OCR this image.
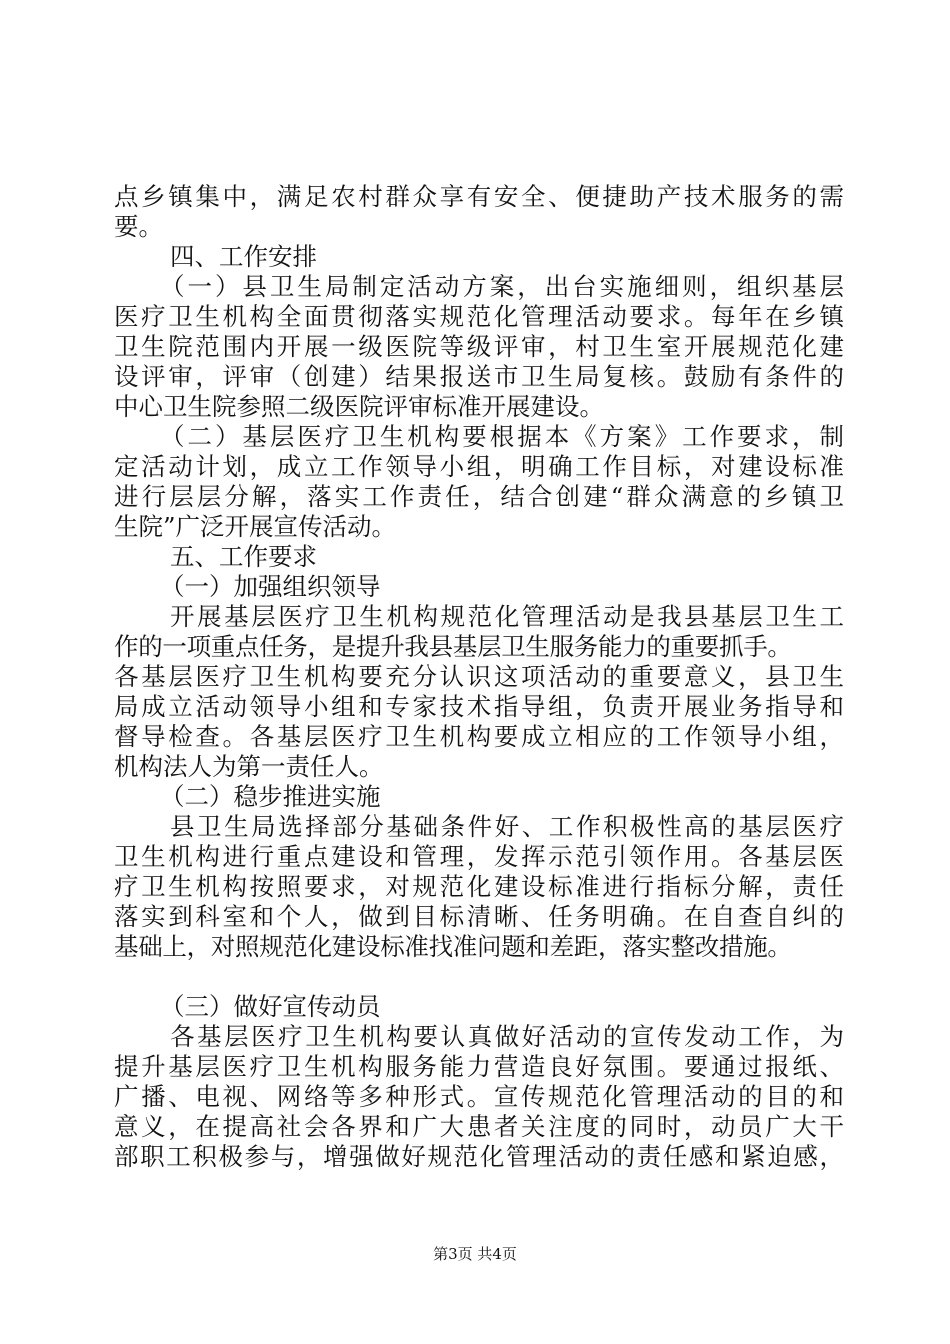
点乡镇集中，满足农村群众享有安全、便捷助产技术服务的需
要。
四、工作安排
（一）县卫生局制定活动方案，出台实施细则，组织基层
医疗卫生机构全面贯彻落实规范化管理活动要求。每年在乡镇
卫生院范围内开展一级医院等级评审，村卫生室开展规范化建
设评审，评审（创建）结果报送市卫生局复核。鼓励有条件的
中心卫生院参照二级医院评审标准开展建设。
（二）基层医疗卫生机构要根据本《方案》工作要求，制
定活动计划，成立工作领导小组，明确工作目标，对建设标准
进行层层分解，落实工作责任，结合创建“群众满意的乡镇卫
生院”广泛开展宣传活动。
五、工作要求
（一）加强组织领导
开展基层医疗卫生机构规范化管理活动是我县基层卫生工
作的一项重点任务，是提升我县基层卫生服务能力的重要抓手。
各基层医疗卫生机构要充分认识这项活动的重要意义，县卫生
局成立活动领导小组和专家技术指导组，负责开展业务指导和
督导检查。各基层医疗卫生机构要成立相应的工作领导小组，
机构法人为第一责任人。
（二）稳步推进实施
县卫生局选择部分基础条件好、工作积极性高的基层医疗
卫生机构进行重点建设和管理，发挥示范引领作用。各基层医
疗卫生机构按照要求，对规范化建设标准进行指标分解，责任
落实到科室和个人，做到目标清晰、任务明确。在自查自纠的
基础上，对照规范化建设标准找准问题和差距，落实整改措施。
（三）做好宣传动员
各基层医疗卫生机构要认真做好活动的宣传发动工作，为
提升基层医疗卫生机构服务能力营造良好氛围。要通过报纸、
广播、电视、网络等多种形式。宣传规范化管理活动的目的和
意义，在提高社会各界和广大患者关注度的同时，动员广大干
部职工积极参与，增强做好规范化管理活动的责任感和紧迫感，
第3页 共4页
